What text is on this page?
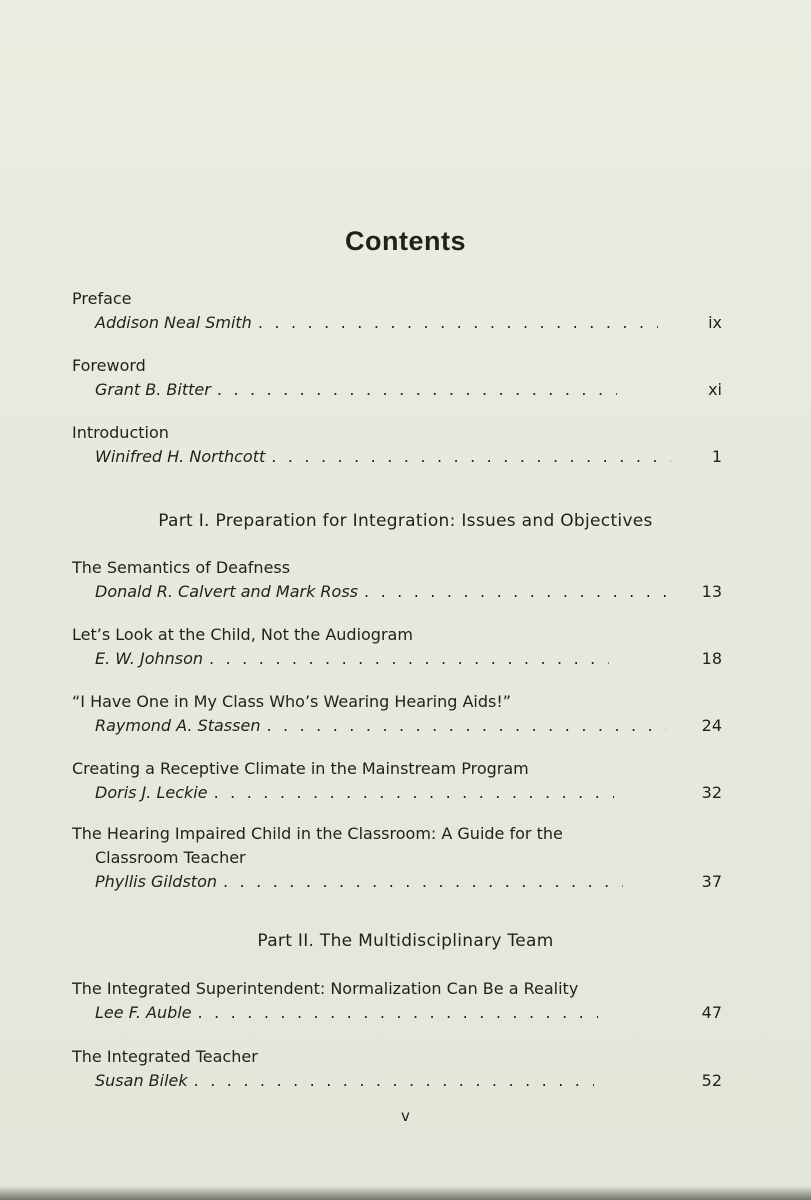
Contents
Preface
Addison Neal Smith . . .	ix
Foreword
Grant B. Bitter . . .	xi
Introduction
Winifred H. Northcott . . .	1
Part I. Preparation for Integration: Issues and Objectives
The Semantics of Deafness
Donald R. Calvert and Mark Ross . . .	13
Let’s Look at the Child, Not the Audiogram
E. W. Johnson . . .	18
“I Have One in My Class Who’s Wearing Hearing Aids!”
Raymond A. Stassen . . .	24
Creating a Receptive Climate in the Mainstream Program
Doris J. Leckie . . .	32
The Hearing Impaired Child in the Classroom: A Guide for the
Classroom Teacher
Phyllis Gildston . . .	37
Part II. The Multidisciplinary Team
The Integrated Superintendent: Normalization Can Be a Reality
Lee F. Auble . . .	47
The Integrated Teacher
Susan Bilek . . .	52
v
